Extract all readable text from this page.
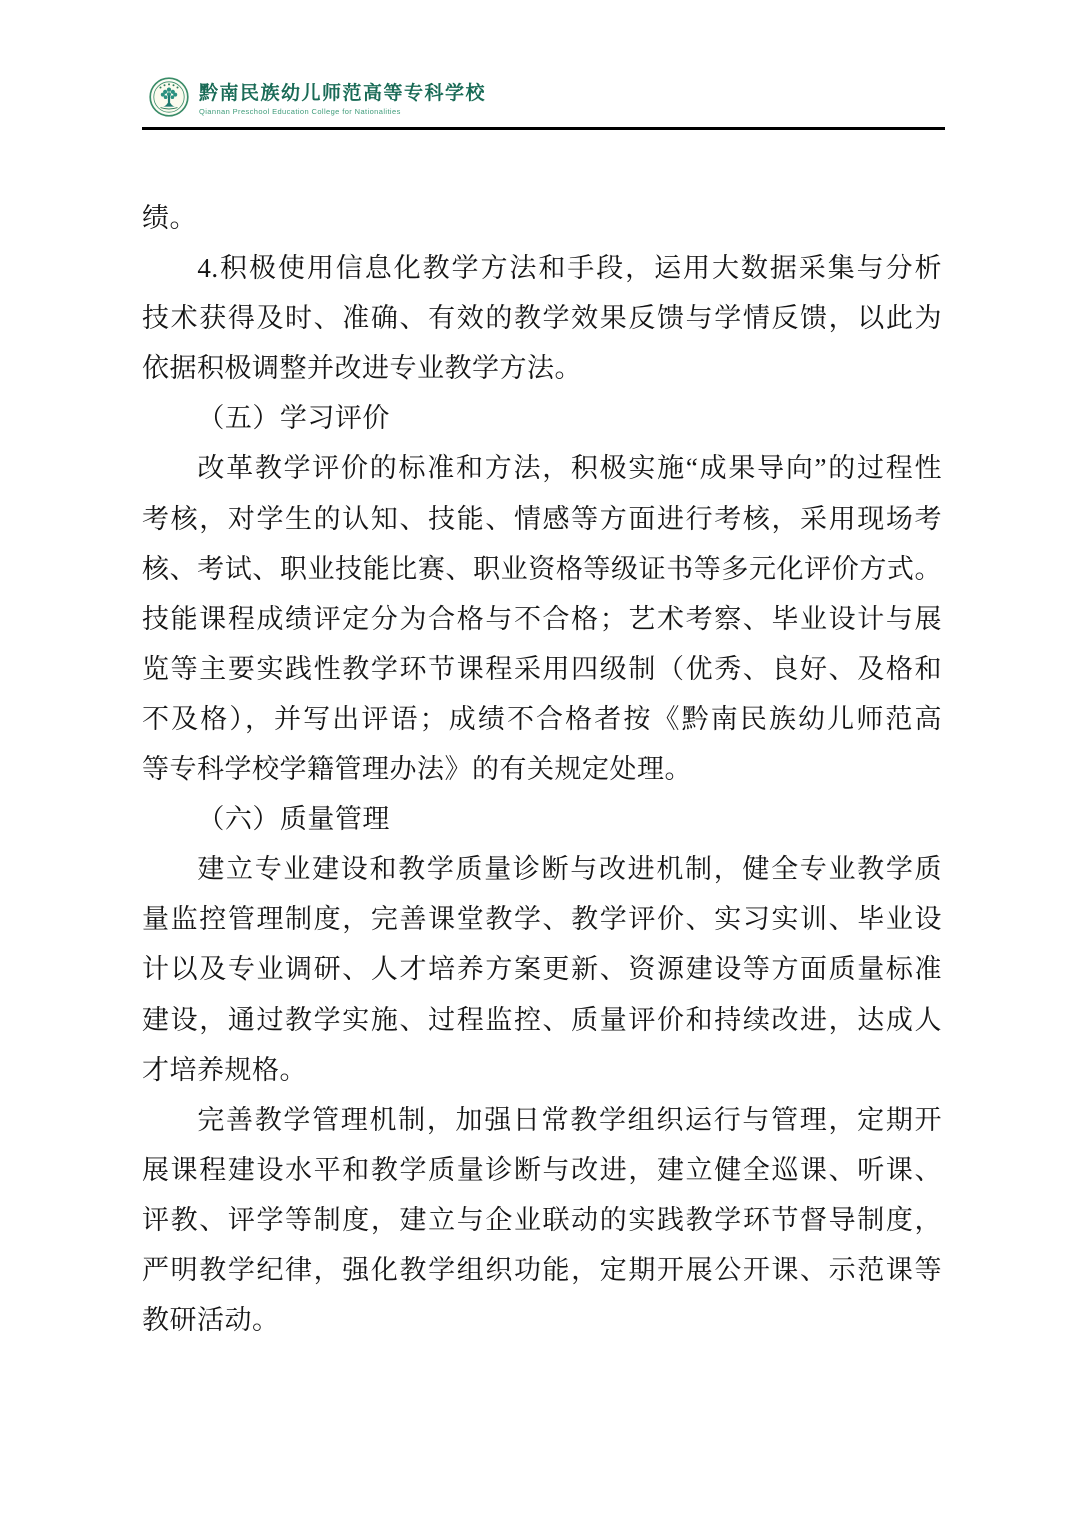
黔南民族幼儿师范高等专科学校
Qiannan Preschool Education College for Nationalities
绩。
4.积极使用信息化教学方法和手段，运用大数据采集与分析
技术获得及时、准确、有效的教学效果反馈与学情反馈，以此为
依据积极调整并改进专业教学方法。
（五）学习评价
改革教学评价的标准和方法，积极实施“成果导向”的过程性
考核，对学生的认知、技能、情感等方面进行考核，采用现场考
核、考试、职业技能比赛、职业资格等级证书等多元化评价方式。
技能课程成绩评定分为合格与不合格；艺术考察、毕业设计与展
览等主要实践性教学环节课程采用四级制（优秀、良好、及格和
不及格），并写出评语；成绩不合格者按《黔南民族幼儿师范高
等专科学校学籍管理办法》的有关规定处理。
（六）质量管理
建立专业建设和教学质量诊断与改进机制，健全专业教学质
量监控管理制度，完善课堂教学、教学评价、实习实训、毕业设
计以及专业调研、人才培养方案更新、资源建设等方面质量标准
建设，通过教学实施、过程监控、质量评价和持续改进，达成人
才培养规格。
完善教学管理机制，加强日常教学组织运行与管理，定期开
展课程建设水平和教学质量诊断与改进，建立健全巡课、听课、
评教、评学等制度，建立与企业联动的实践教学环节督导制度，
严明教学纪律，强化教学组织功能，定期开展公开课、示范课等
教研活动。
